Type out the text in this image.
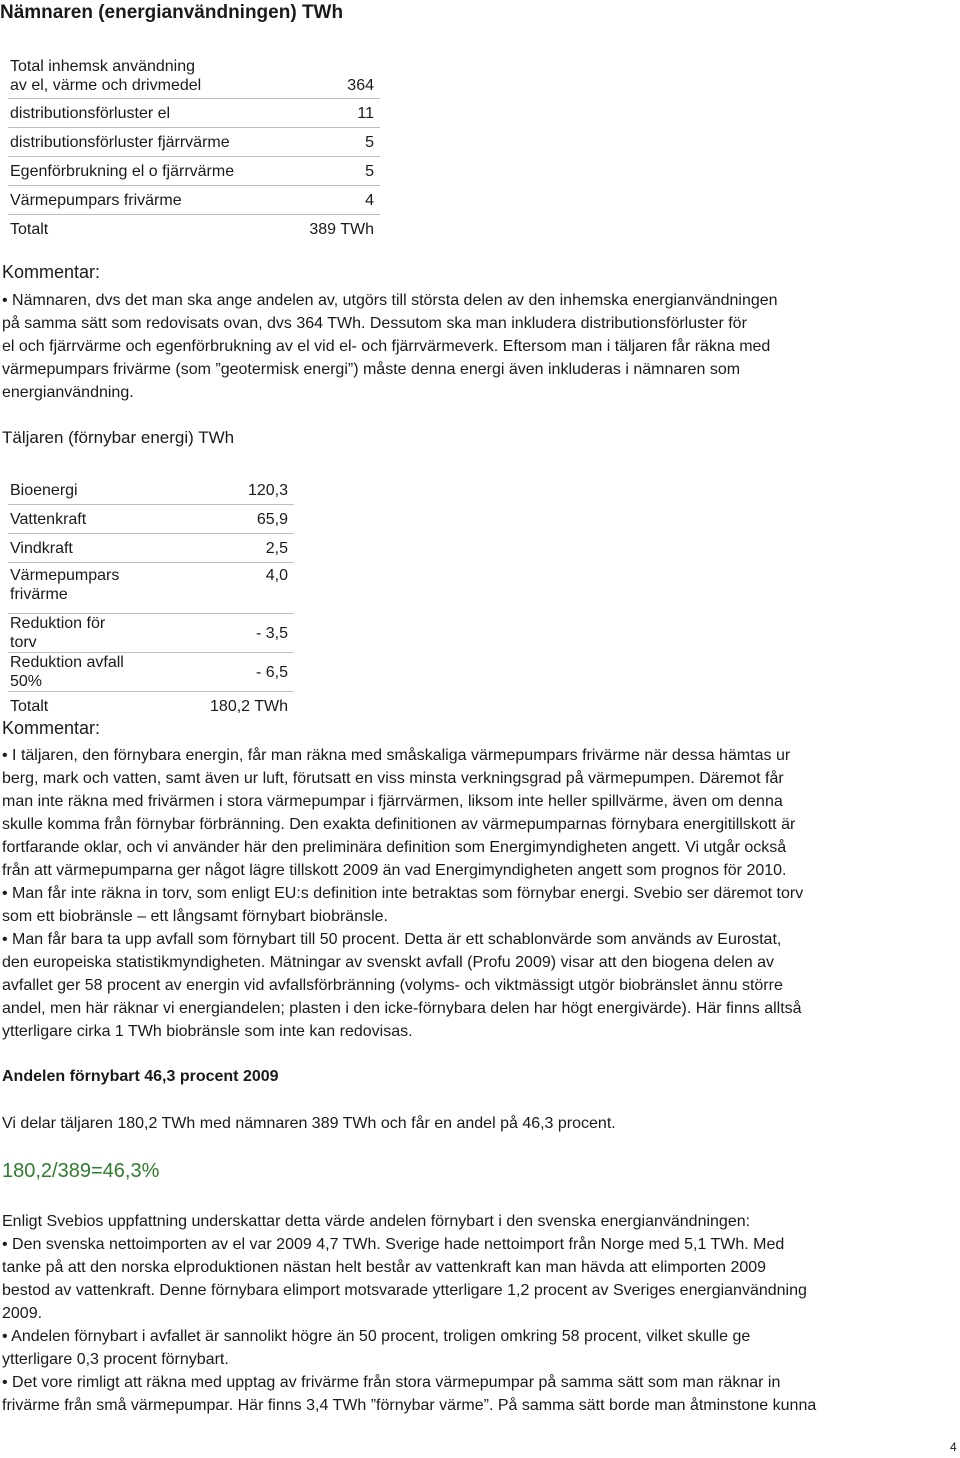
Nämnaren (energianvändningen) TWh
Total inhemsk användning
av el, värme och drivmedel	364
distributionsförluster el	11
distributionsförluster fjärrvärme	5
Egenförbrukning el o fjärrvärme	5
Värmepumpars frivärme	4
Totalt	389 TWh
Kommentar:

• Nämnaren, dvs det man ska ange andelen av, utgörs till största delen av den inhemska energianvändningen
på samma sätt som redovisats ovan, dvs 364 TWh. Dessutom ska man inkludera distributionsförluster för
el och fjärrvärme och egenförbrukning av el vid el- och fjärrvärmeverk. Eftersom man i täljaren får räkna med
värmepumpars frivärme (som ”geotermisk energi”) måste denna energi även inkluderas i nämnaren som
energianvändning.

Täljaren (förnybar energi) TWh
Bioenergi	120,3
Vattenkraft	65,9
Vindkraft	2,5
Värmepumpars frivärme	4,0
Reduktion för torv	- 3,5
Reduktion avfall 50%	- 6,5
Totalt	180,2 TWh
Kommentar:

• I täljaren, den förnybara energin, får man räkna med småskaliga värmepumpars frivärme när dessa hämtas ur
berg, mark och vatten, samt även ur luft, förutsatt en viss minsta verkningsgrad på värmepumpen. Däremot får
man inte räkna med frivärmen i stora värmepumpar i fjärrvärmen, liksom inte heller spillvärme, även om denna
skulle komma från förnybar förbränning. Den exakta definitionen av värmepumparnas förnybara energitillskott är
fortfarande oklar, och vi använder här den preliminära definition som Energimyndigheten angett. Vi utgår också
från att värmepumparna ger något lägre tillskott 2009 än vad Energimyndigheten angett som prognos för 2010.
• Man får inte räkna in torv, som enligt EU:s definition inte betraktas som förnybar energi. Svebio ser däremot torv
som ett biobränsle – ett långsamt förnybart biobränsle.
• Man får bara ta upp avfall som förnybart till 50 procent. Detta är ett schablonvärde som används av Eurostat,
den europeiska statistikmyndigheten. Mätningar av svenskt avfall (Profu 2009) visar att den biogena delen av
avfallet ger 58 procent av energin vid avfallsförbränning (volyms- och viktmässigt utgör biobränslet ännu större
andel, men här räknar vi energiandelen; plasten i den icke-förnybara delen har högt energivärde). Här finns alltså
ytterligare cirka 1 TWh biobränsle som inte kan redovisas.

Andelen förnybart 46,3 procent 2009
Vi delar täljaren 180,2 TWh med nämnaren 389 TWh och får en andel på 46,3 procent.
180,2/389=46,3%

Enligt Svebios uppfattning underskattar detta värde andelen förnybart i den svenska energianvändningen:
• Den svenska nettoimporten av el var 2009 4,7 TWh. Sverige hade nettoimport från Norge med 5,1 TWh. Med
tanke på att den norska elproduktionen nästan helt består av vattenkraft kan man hävda att elimporten 2009
bestod av vattenkraft. Denne förnybara elimport motsvarade ytterligare 1,2 procent av Sveriges energianvändning
2009.
• Andelen förnybart i avfallet är sannolikt högre än 50 procent, troligen omkring 58 procent, vilket skulle ge
ytterligare 0,3 procent förnybart.
• Det vore rimligt att räkna med upptag av frivärme från stora värmepumpar på samma sätt som man räknar in
frivärme från små värmepumpar. Här finns 3,4 TWh ”förnybar värme”. På samma sätt borde man åtminstone kunna

4
